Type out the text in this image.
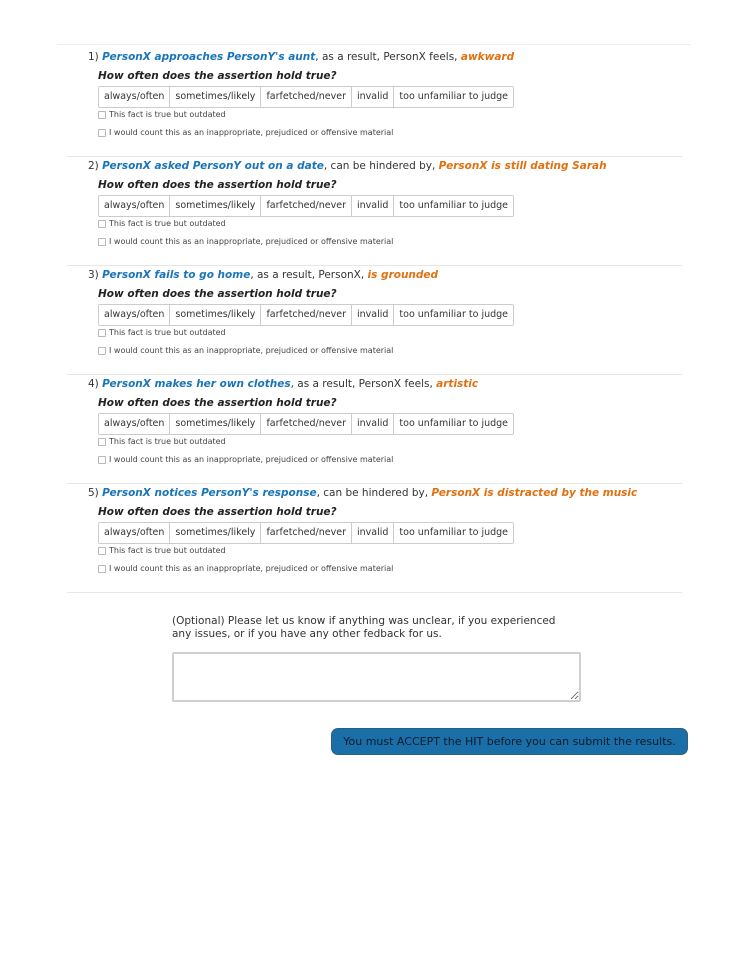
1) PersonX approaches PersonY's aunt, as a result, PersonX feels, awkward
How often does the assertion hold true?
always/often	sometimes/likely	farfetched/never	invalid	too unfamiliar to judge
This fact is true but outdated
I would count this as an inappropriate, prejudiced or offensive material
2) PersonX asked PersonY out on a date, can be hindered by, PersonX is still dating Sarah
How often does the assertion hold true?
always/often	sometimes/likely	farfetched/never	invalid	too unfamiliar to judge
This fact is true but outdated
I would count this as an inappropriate, prejudiced or offensive material
3) PersonX fails to go home, as a result, PersonX, is grounded
How often does the assertion hold true?
always/often	sometimes/likely	farfetched/never	invalid	too unfamiliar to judge
This fact is true but outdated
I would count this as an inappropriate, prejudiced or offensive material
4) PersonX makes her own clothes, as a result, PersonX feels, artistic
How often does the assertion hold true?
always/often	sometimes/likely	farfetched/never	invalid	too unfamiliar to judge
This fact is true but outdated
I would count this as an inappropriate, prejudiced or offensive material
5) PersonX notices PersonY's response, can be hindered by, PersonX is distracted by the music
How often does the assertion hold true?
always/often	sometimes/likely	farfetched/never	invalid	too unfamiliar to judge
This fact is true but outdated
I would count this as an inappropriate, prejudiced or offensive material
(Optional) Please let us know if anything was unclear, if you experienced any issues, or if you have any other fedback for us.
You must ACCEPT the HIT before you can submit the results.
